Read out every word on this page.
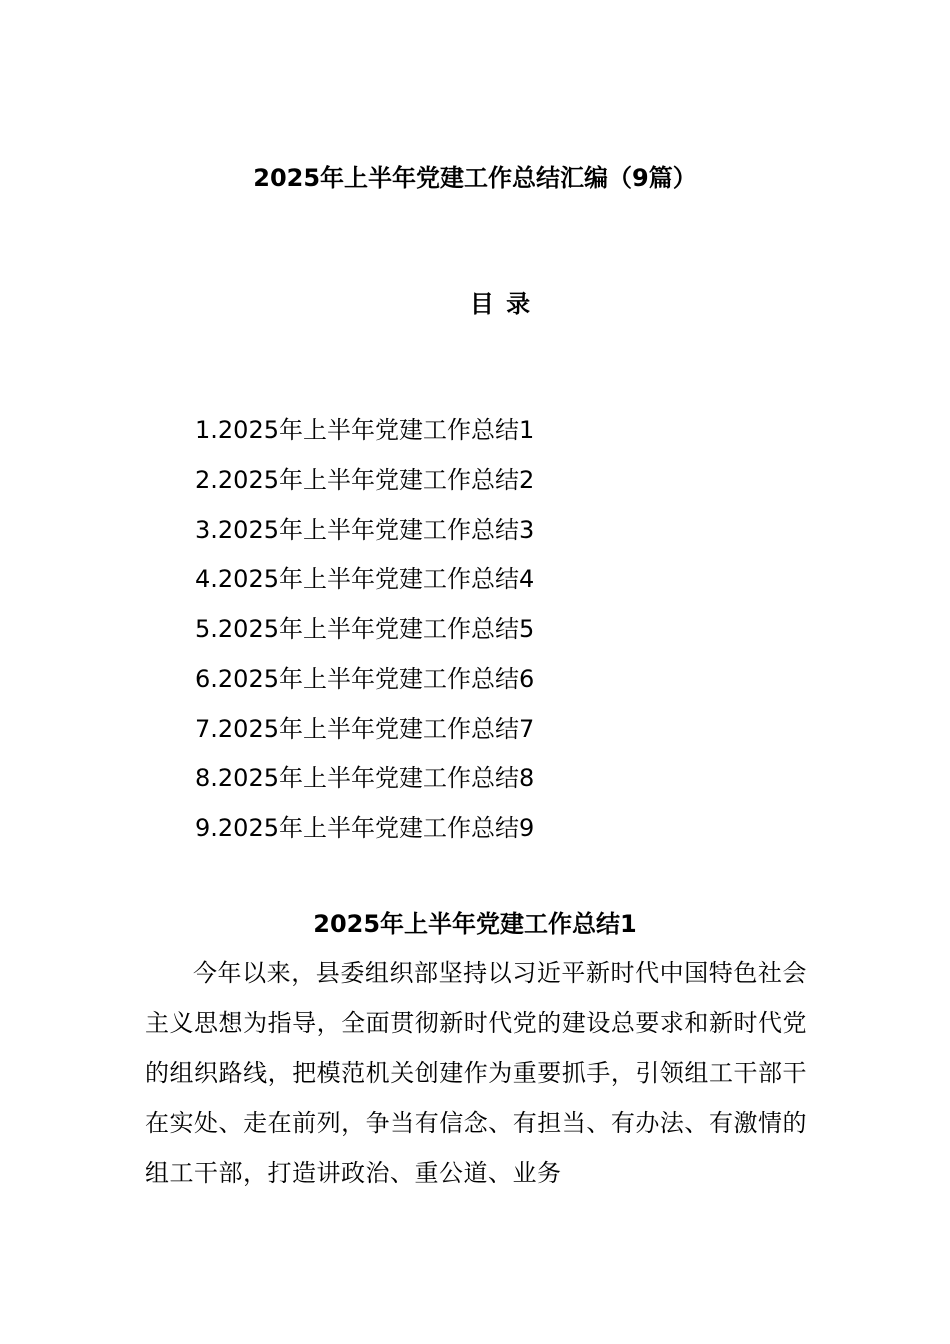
2025年上半年党建工作总结汇编（9篇）
目 录
1.2025年上半年党建工作总结1
2.2025年上半年党建工作总结2
3.2025年上半年党建工作总结3
4.2025年上半年党建工作总结4
5.2025年上半年党建工作总结5
6.2025年上半年党建工作总结6
7.2025年上半年党建工作总结7
8.2025年上半年党建工作总结8
9.2025年上半年党建工作总结9
2025年上半年党建工作总结1

今年以来，县委组织部坚持以习近平新时代中国特色社会主义思想为指导，全面贯彻新时代党的建设总要求和新时代党的组织路线，把模范机关创建作为重要抓手，引领组工干部干在实处、走在前列，争当有信念、有担当、有办法、有激情的组工干部，打造讲政治、重公道、业务
